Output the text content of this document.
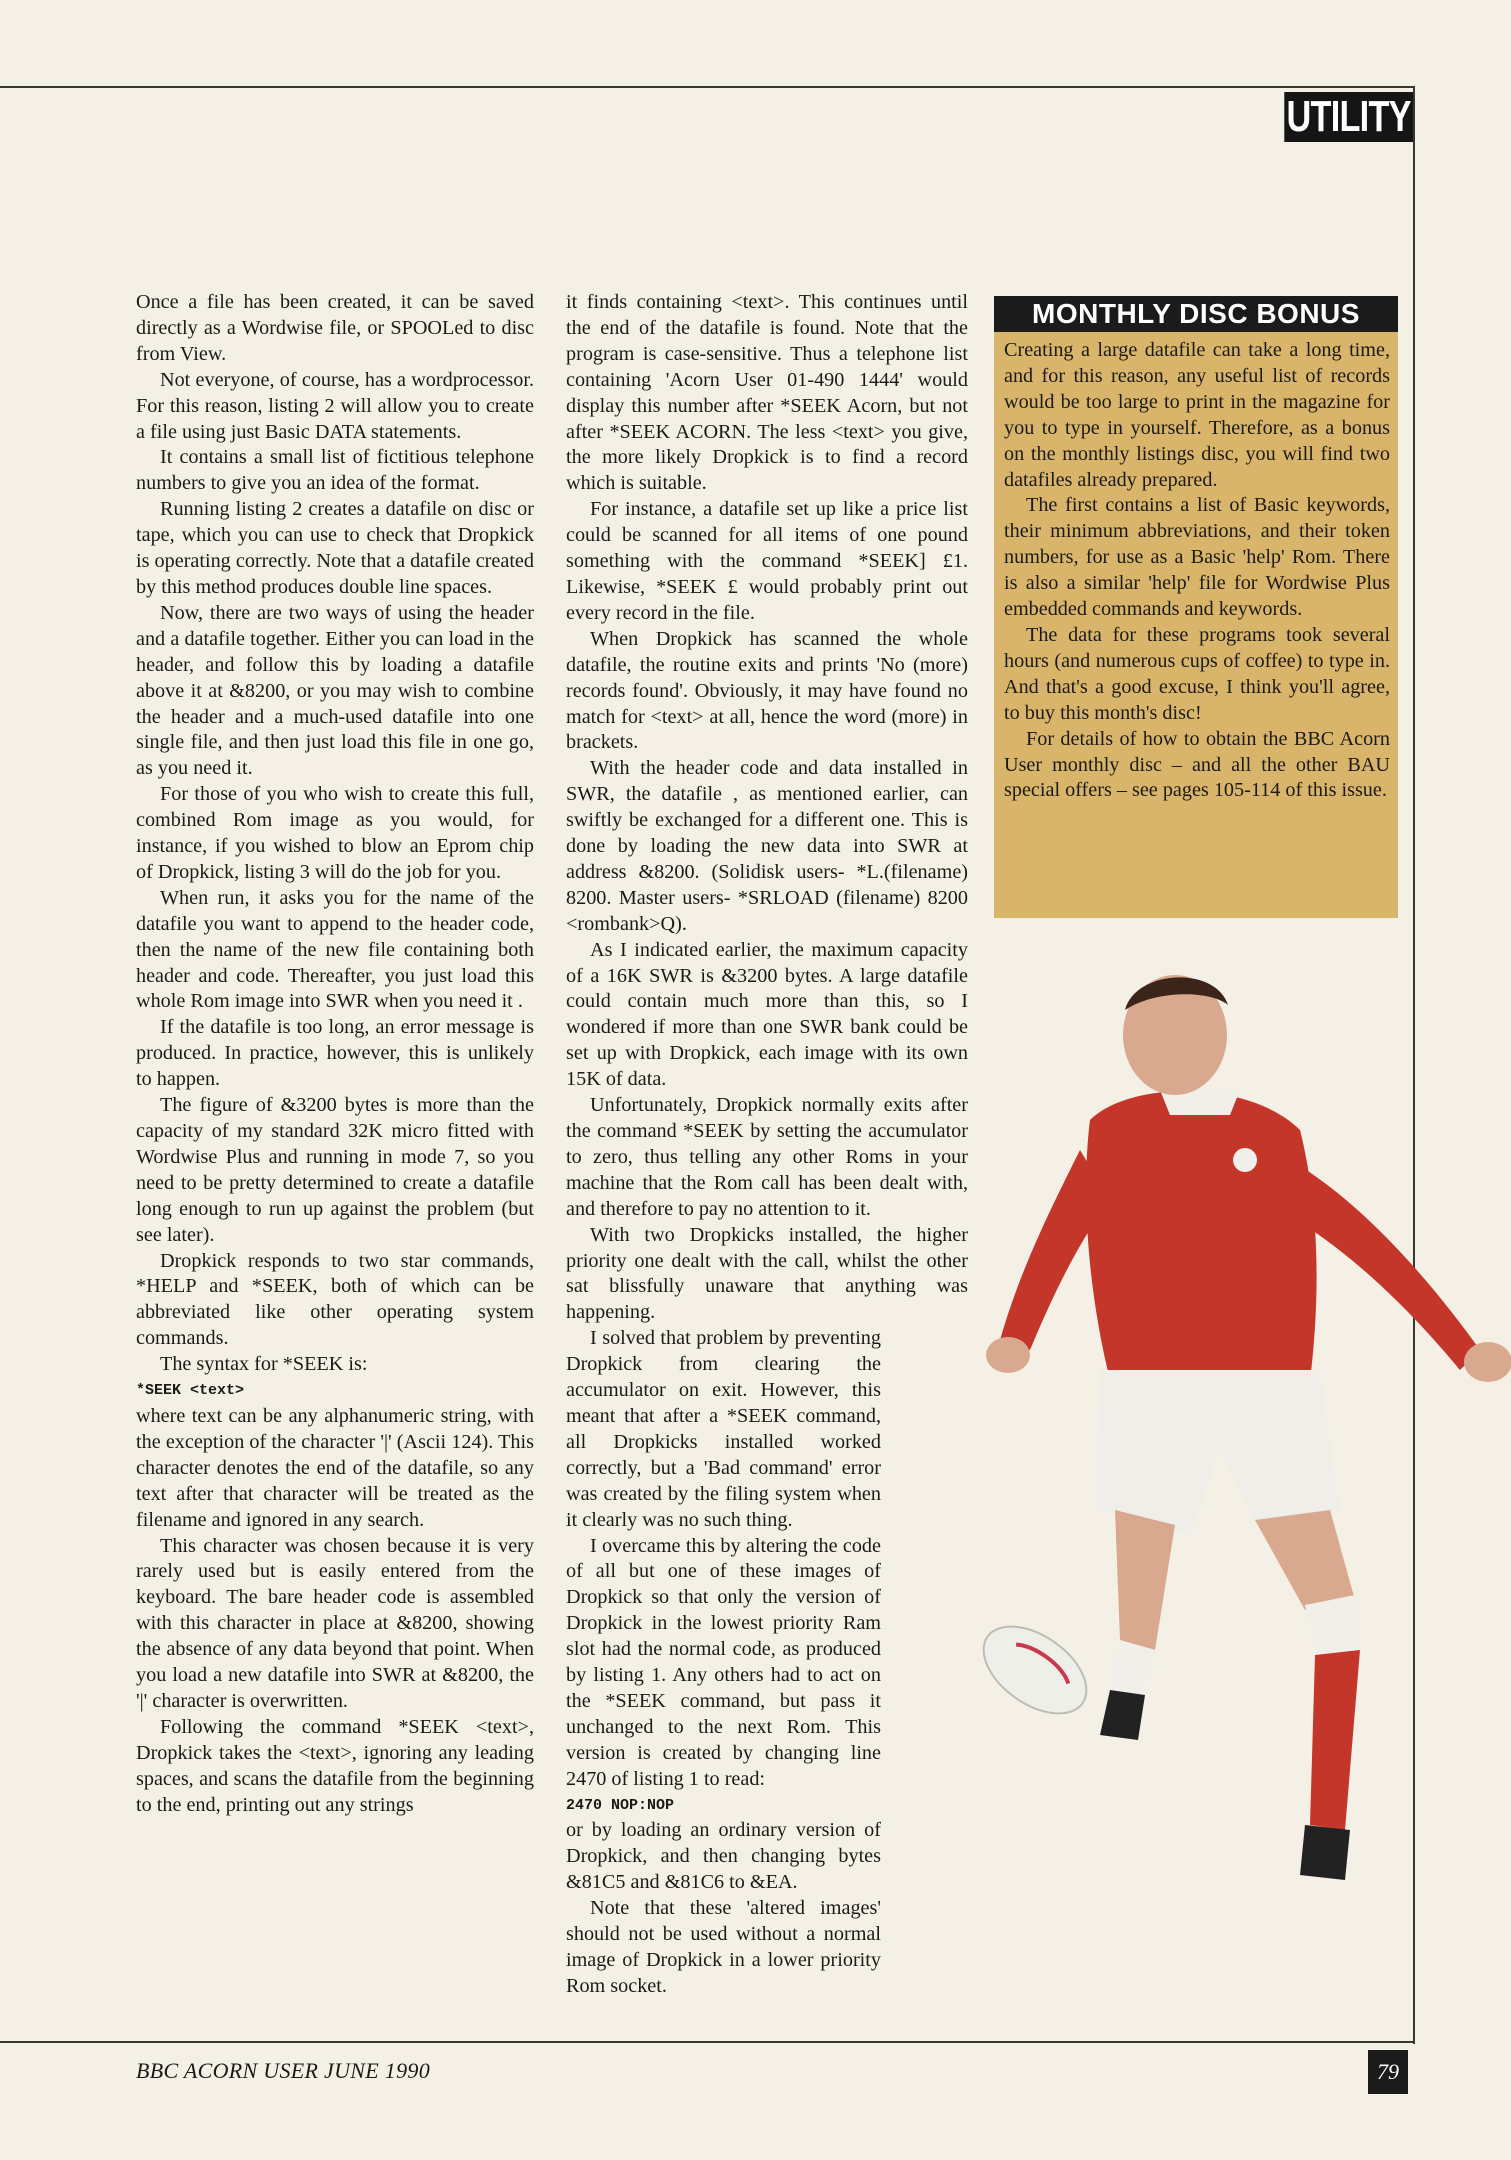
UTILITY

Once a file has been created, it can be saved directly as a Wordwise file, or SPOOLed to disc from View.

Not everyone, of course, has a wordprocessor. For this reason, listing 2 will allow you to create a file using just Basic DATA statements.

It contains a small list of fictitious telephone numbers to give you an idea of the format.

Running listing 2 creates a datafile on disc or tape, which you can use to check that Dropkick is operating correctly. Note that a datafile created by this method produces double line spaces.

Now, there are two ways of using the header and a datafile together. Either you can load in the header, and follow this by loading a datafile above it at &8200, or you may wish to combine the header and a much-used datafile into one single file, and then just load this file in one go, as you need it.

For those of you who wish to create this full, combined Rom image as you would, for instance, if you wished to blow an Eprom chip of Dropkick, listing 3 will do the job for you.

When run, it asks you for the name of the datafile you want to append to the header code, then the name of the new file containing both header and code. Thereafter, you just load this whole Rom image into SWR when you need it .

If the datafile is too long, an error message is produced. In practice, however, this is unlikely to happen.

The figure of &3200 bytes is more than the capacity of my standard 32K micro fitted with Wordwise Plus and running in mode 7, so you need to be pretty determined to create a datafile long enough to run up against the problem (but see later).

Dropkick responds to two star commands, *HELP and *SEEK, both of which can be abbreviated like other operating system commands.

The syntax for *SEEK is:

*SEEK <text>

where text can be any alphanumeric string, with the exception of the character '|' (Ascii 124). This character denotes the end of the datafile, so any text after that character will be treated as the filename and ignored in any search.

This character was chosen because it is very rarely used but is easily entered from the keyboard. The bare header code is assembled with this character in place at &8200, showing the absence of any data beyond that point. When you load a new datafile into SWR at &8200, the '|' character is overwritten.

Following the command *SEEK <text>, Dropkick takes the <text>, ignoring any leading spaces, and scans the datafile from the beginning to the end, printing out any strings

it finds containing <text>. This continues until the end of the datafile is found. Note that the program is case-sensitive. Thus a telephone list containing 'Acorn User 01-490 1444' would display this number after *SEEK Acorn, but not after *SEEK ACORN. The less <text> you give, the more likely Dropkick is to find a record which is suitable.

For instance, a datafile set up like a price list could be scanned for all items of one pound something with the command *SEEK] £1. Likewise, *SEEK £ would probably print out every record in the file.

When Dropkick has scanned the whole datafile, the routine exits and prints 'No (more) records found'. Obviously, it may have found no match for <text> at all, hence the word (more) in brackets.

With the header code and data installed in SWR, the datafile , as mentioned earlier, can swiftly be exchanged for a different one. This is done by loading the new data into SWR at address &8200. (Solidisk users- *L.(filename) 8200. Master users- *SRLOAD (filename) 8200 <rombank>Q).

As I indicated earlier, the maximum capacity of a 16K SWR is &3200 bytes. A large datafile could contain much more than this, so I wondered if more than one SWR bank could be set up with Dropkick, each image with its own 15K of data.

Unfortunately, Dropkick normally exits after the command *SEEK by setting the accumulator to zero, thus telling any other Roms in your machine that the Rom call has been dealt with, and therefore to pay no attention to it.

With two Dropkicks installed, the higher priority one dealt with the call, whilst the other sat blissfully unaware that anything was happening.

I solved that problem by preventing Dropkick from clearing the accumulator on exit. However, this meant that after a *SEEK command, all Dropkicks installed worked correctly, but a 'Bad command' error was created by the filing system when it clearly was no such thing.

I overcame this by altering the code of all but one of these images of Dropkick so that only the version of Dropkick in the lowest priority Ram slot had the normal code, as produced by listing 1. Any others had to act on the *SEEK command, but pass it unchanged to the next Rom. This version is created by changing line 2470 of listing 1 to read:

2470 NOP:NOP

or by loading an ordinary version of Dropkick, and then changing bytes &81C5 and &81C6 to &EA.

Note that these 'altered images' should not be used without a normal image of Dropkick in a lower priority Rom socket.

MONTHLY DISC BONUS

Creating a large datafile can take a long time, and for this reason, any useful list of records would be too large to print in the magazine for you to type in yourself. Therefore, as a bonus on the monthly listings disc, you will find two datafiles already prepared.

The first contains a list of Basic keywords, their minimum abbreviations, and their token numbers, for use as a Basic 'help' Rom. There is also a similar 'help' file for Wordwise Plus embedded commands and keywords.

The data for these programs took several hours (and numerous cups of coffee) to type in. And that's a good excuse, I think you'll agree, to buy this month's disc!

For details of how to obtain the BBC Acorn User monthly disc – and all the other BAU special offers – see pages 105-114 of this issue.

BBC ACORN USER JUNE 1990	79
